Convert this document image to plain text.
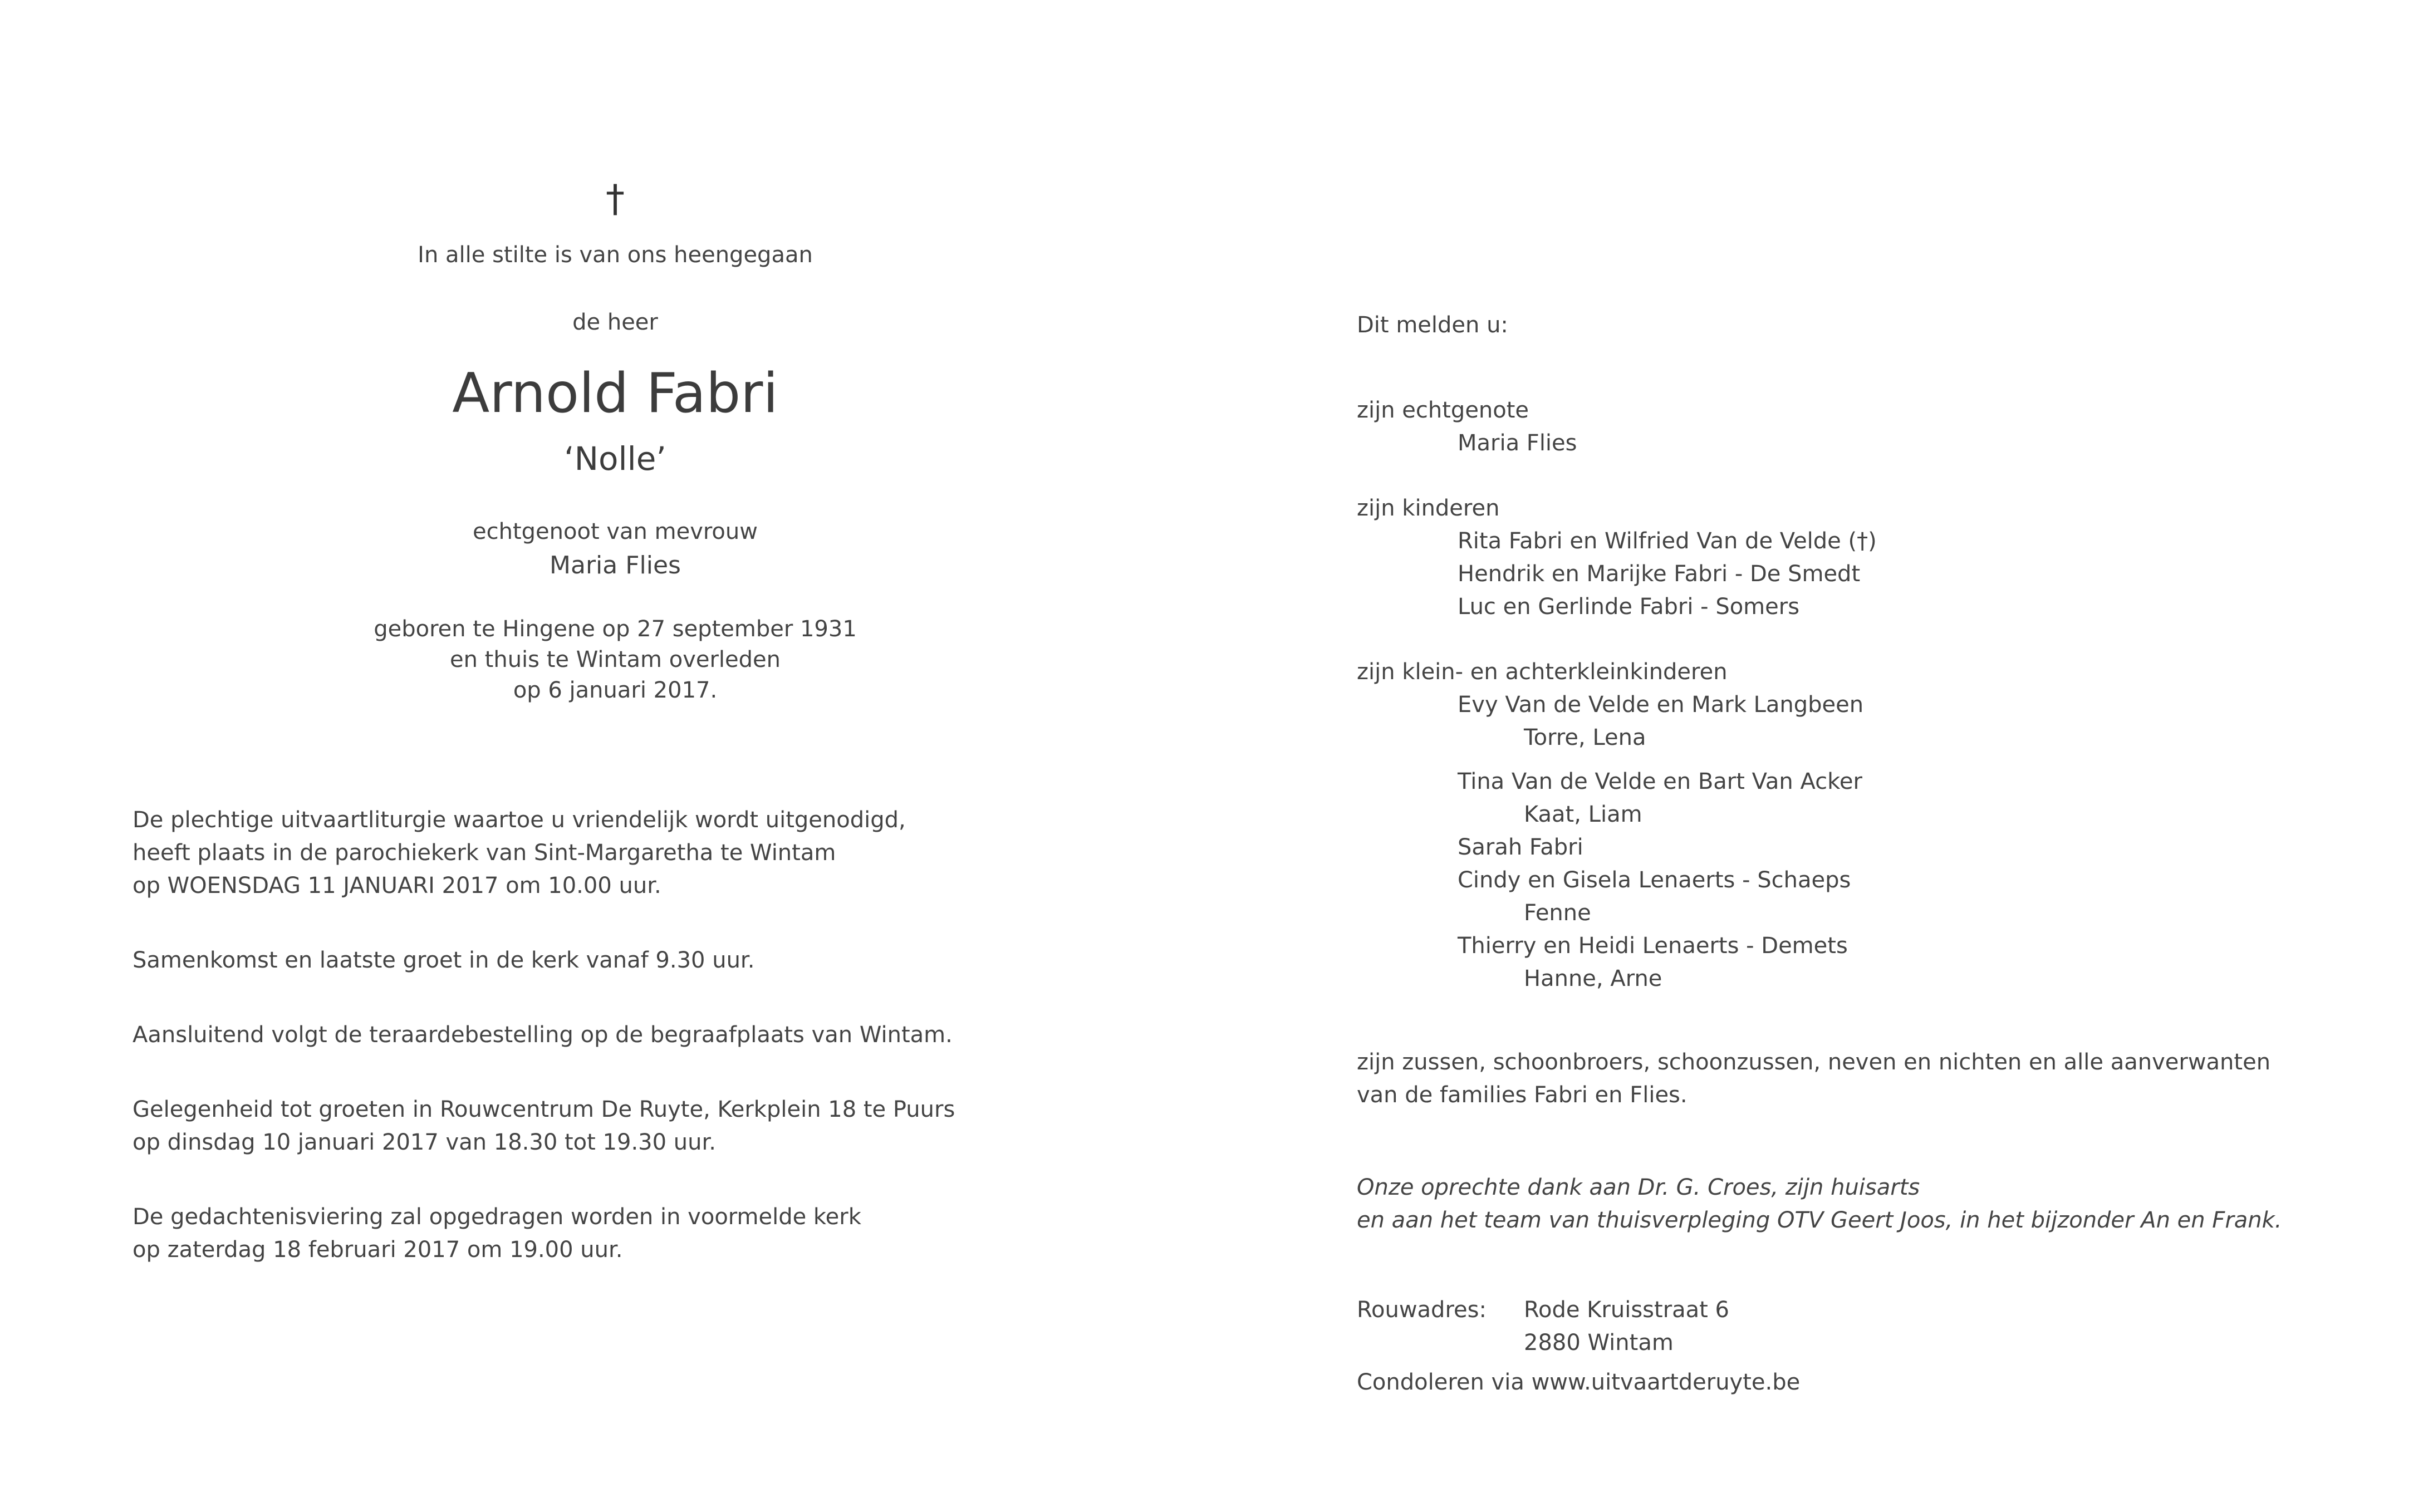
†
In alle stilte is van ons heengegaan
de heer
Arnold Fabri
‘Nolle’
echtgenoot van mevrouw
Maria Flies
geboren te Hingene op 27 september 1931
en thuis te Wintam overleden
op 6 januari 2017.
De plechtige uitvaartliturgie waartoe u vriendelijk wordt uitgenodigd,
heeft plaats in de parochiekerk van Sint-Margaretha te Wintam
op WOENSDAG 11 JANUARI 2017 om 10.00 uur.
Samenkomst en laatste groet in de kerk vanaf 9.30 uur.
Aansluitend volgt de teraardebestelling op de begraafplaats van Wintam.
Gelegenheid tot groeten in Rouwcentrum De Ruyte, Kerkplein 18 te Puurs
op dinsdag 10 januari 2017 van 18.30 tot 19.30 uur.
De gedachtenisviering zal opgedragen worden in voormelde kerk
op zaterdag 18 februari 2017 om 19.00 uur.
Dit melden u:
zijn echtgenote
Maria Flies
zijn kinderen
Rita Fabri en Wilfried Van de Velde (†)
Hendrik en Marijke Fabri - De Smedt
Luc en Gerlinde Fabri - Somers
zijn klein- en achterkleinkinderen
Evy Van de Velde en Mark Langbeen
Torre, Lena
Tina Van de Velde en Bart Van Acker
Kaat, Liam
Sarah Fabri
Cindy en Gisela Lenaerts - Schaeps
Fenne
Thierry en Heidi Lenaerts - Demets
Hanne, Arne
zijn zussen, schoonbroers, schoonzussen, neven en nichten en alle aanverwanten
van de families Fabri en Flies.
Onze oprechte dank aan Dr. G. Croes, zijn huisarts
en aan het team van thuisverpleging OTV Geert Joos, in het bijzonder An en Frank.
Rouwadres: Rode Kruisstraat 6
2880 Wintam
Condoleren via www.uitvaartderuyte.be
